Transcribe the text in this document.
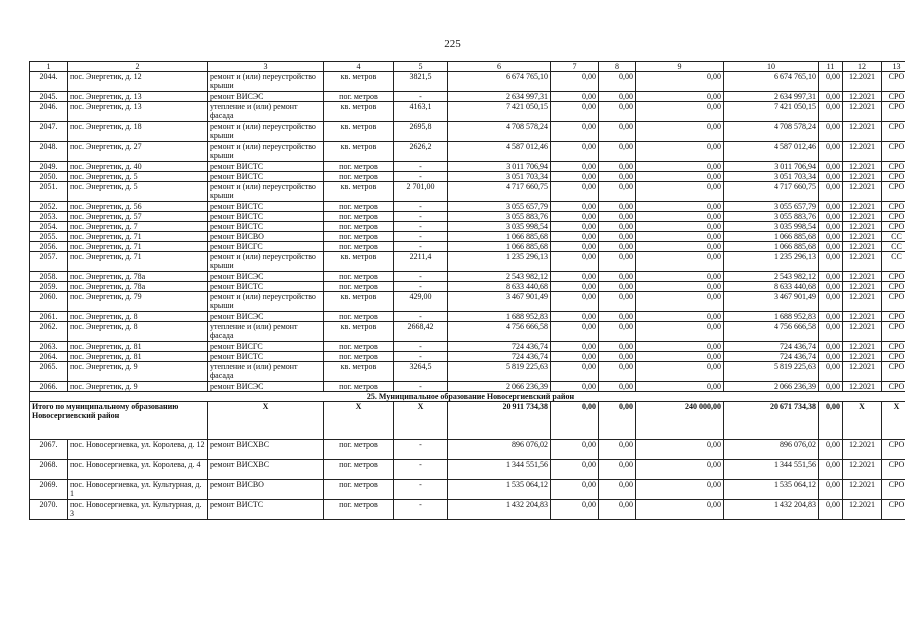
225
1	2	3	4	5	6	7	8	9	10	11	12	13
2044.	пос. Энергетик, д. 12	ремонт и (или) переустройство крыши	кв. метров	3821,5	6 674 765,10	0,00	0,00	0,00	6 674 765,10	0,00	12.2021	СРО
2045.	пос. Энергетик, д. 13	ремонт ВИСЭС	пог. метров	-	2 634 997,31	0,00	0,00	0,00	2 634 997,31	0,00	12.2021	СРО
2046.	пос. Энергетик, д. 13	утепление и (или) ремонт фасада	кв. метров	4163,1	7 421 050,15	0,00	0,00	0,00	7 421 050,15	0,00	12.2021	СРО
2047.	пос. Энергетик, д. 18	ремонт и (или) переустройство крыши	кв. метров	2695,8	4 708 578,24	0,00	0,00	0,00	4 708 578,24	0,00	12.2021	СРО
2048.	пос. Энергетик, д. 27	ремонт и (или) переустройство крыши	кв. метров	2626,2	4 587 012,46	0,00	0,00	0,00	4 587 012,46	0,00	12.2021	СРО
2049.	пос. Энергетик, д. 40	ремонт ВИСТС	пог. метров	-	3 011 706,94	0,00	0,00	0,00	3 011 706,94	0,00	12.2021	СРО
2050.	пос. Энергетик, д. 5	ремонт ВИСТС	пог. метров	-	3 051 703,34	0,00	0,00	0,00	3 051 703,34	0,00	12.2021	СРО
2051.	пос. Энергетик, д. 5	ремонт и (или) переустройство крыши	кв. метров	2 701,00	4 717 660,75	0,00	0,00	0,00	4 717 660,75	0,00	12.2021	СРО
2052.	пос. Энергетик, д. 56	ремонт ВИСТС	пог. метров	-	3 055 657,79	0,00	0,00	0,00	3 055 657,79	0,00	12.2021	СРО
2053.	пос. Энергетик, д. 57	ремонт ВИСТС	пог. метров	-	3 055 883,76	0,00	0,00	0,00	3 055 883,76	0,00	12.2021	СРО
2054.	пос. Энергетик, д. 7	ремонт ВИСТС	пог. метров	-	3 035 998,54	0,00	0,00	0,00	3 035 998,54	0,00	12.2021	СРО
2055.	пос. Энергетик, д. 71	ремонт ВИСВО	пог. метров	-	1 066 885,68	0,00	0,00	0,00	1 066 885,68	0,00	12.2021	СС
2056.	пос. Энергетик, д. 71	ремонт ВИСГС	пог. метров	-	1 066 885,68	0,00	0,00	0,00	1 066 885,68	0,00	12.2021	СС
2057.	пос. Энергетик, д. 71	ремонт и (или) переустройство крыши	кв. метров	2211,4	1 235 296,13	0,00	0,00	0,00	1 235 296,13	0,00	12.2021	СС
2058.	пос. Энергетик, д. 78а	ремонт ВИСЭС	пог. метров	-	2 543 982,12	0,00	0,00	0,00	2 543 982,12	0,00	12.2021	СРО
2059.	пос. Энергетик, д. 78а	ремонт ВИСТС	пог. метров	-	8 633 440,68	0,00	0,00	0,00	8 633 440,68	0,00	12.2021	СРО
2060.	пос. Энергетик, д. 79	ремонт и (или) переустройство крыши	кв. метров	429,00	3 467 901,49	0,00	0,00	0,00	3 467 901,49	0,00	12.2021	СРО
2061.	пос. Энергетик, д. 8	ремонт ВИСЭС	пог. метров	-	1 688 952,83	0,00	0,00	0,00	1 688 952,83	0,00	12.2021	СРО
2062.	пос. Энергетик, д. 8	утепление и (или) ремонт фасада	кв. метров	2668,42	4 756 666,58	0,00	0,00	0,00	4 756 666,58	0,00	12.2021	СРО
2063.	пос. Энергетик, д. 81	ремонт ВИСГС	пог. метров	-	724 436,74	0,00	0,00	0,00	724 436,74	0,00	12.2021	СРО
2064.	пос. Энергетик, д. 81	ремонт ВИСТС	пог. метров	-	724 436,74	0,00	0,00	0,00	724 436,74	0,00	12.2021	СРО
2065.	пос. Энергетик, д. 9	утепление и (или) ремонт фасада	кв. метров	3264,5	5 819 225,63	0,00	0,00	0,00	5 819 225,63	0,00	12.2021	СРО
2066.	пос. Энергетик, д. 9	ремонт ВИСЭС	пог. метров	-	2 066 236,39	0,00	0,00	0,00	2 066 236,39	0,00	12.2021	СРО
25. Муниципальное образование Новосергиевский район												
Итого по муниципальному образованию Новосергиевский район		X	X	X	20 911 734,38	0,00	0,00	240 000,00	20 671 734,38	0,00	X	X
2067.	пос. Новосергиевка, ул. Королева, д. 12	ремонт ВИСХВС	пог. метров	-	896 076,02	0,00	0,00	0,00	896 076,02	0,00	12.2021	СРО
2068.	пос. Новосергиевка, ул. Королева, д. 4	ремонт ВИСХВС	пог. метров	-	1 344 551,56	0,00	0,00	0,00	1 344 551,56	0,00	12.2021	СРО
2069.	пос. Новосергиевка, ул. Культурная, д. 1	ремонт ВИСВО	пог. метров	-	1 535 064,12	0,00	0,00	0,00	1 535 064,12	0,00	12.2021	СРО
2070.	пос. Новосергиевка, ул. Культурная, д. 3	ремонт ВИСТС	пог. метров	-	1 432 204,83	0,00	0,00	0,00	1 432 204,83	0,00	12.2021	СРО
